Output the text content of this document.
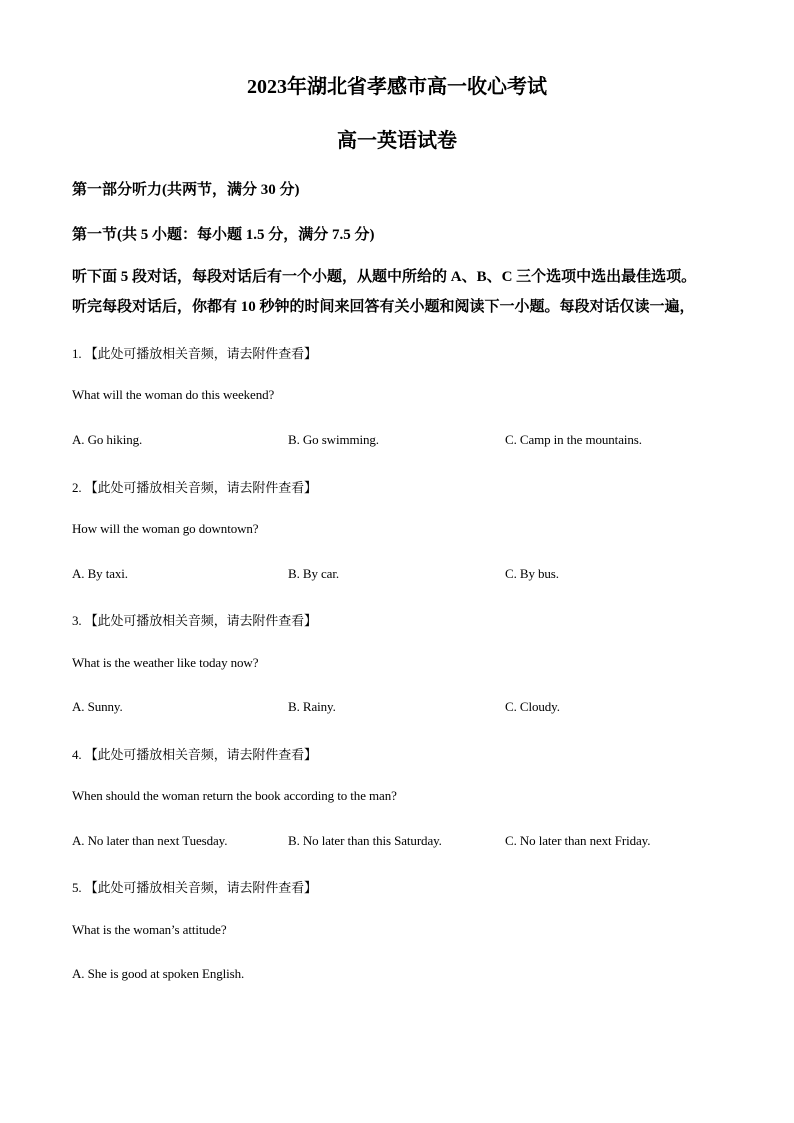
2023年湖北省孝感市高一收心考试
高一英语试卷

第一部分听力(共两节，满分 30 分)

第一节(共 5 小题：每小题 1.5 分，满分 7.5 分)

听下面 5 段对话，每段对话后有一个小题，从题中所给的 A、B、C 三个选项中选出最佳选项。
听完每段对话后，你都有 10 秒钟的时间来回答有关小题和阅读下一小题。每段对话仅读一遍，

1. 【此处可播放相关音频，请去附件查看】

What will the woman do this weekend?

A. Go hiking.	B. Go swimming.	C. Camp in the mountains.

2. 【此处可播放相关音频，请去附件查看】

How will the woman go downtown?

A. By taxi.	B. By car.	C. By bus.

3. 【此处可播放相关音频，请去附件查看】

What is the weather like today now?

A. Sunny.	B. Rainy.	C. Cloudy.

4. 【此处可播放相关音频，请去附件查看】

When should the woman return the book according to the man?

A. No later than next Tuesday.	B. No later than this Saturday.	C. No later than next Friday.

5. 【此处可播放相关音频，请去附件查看】

What is the woman’s attitude?

A. She is good at spoken English.
